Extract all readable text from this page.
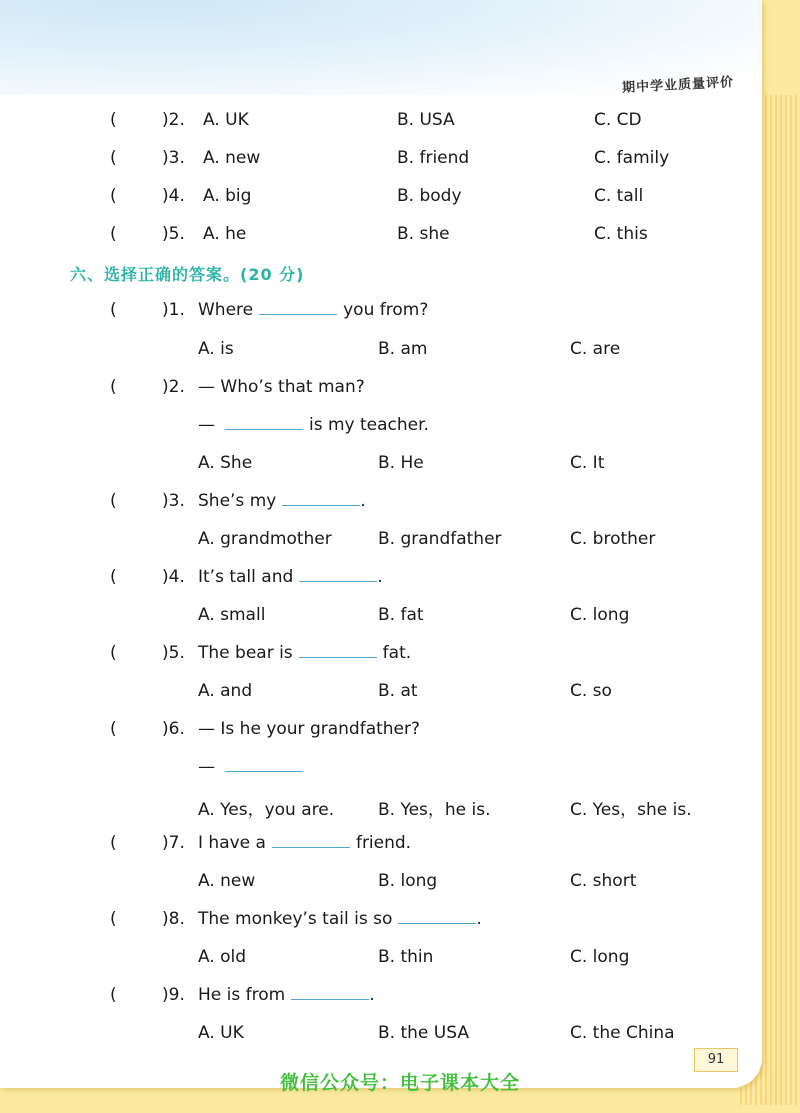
期中学业质量评价
(	)2. A. UK	B. USA	C. CD
(	)3. A. new	B. friend	C. family
(	)4. A. big	B. body	C. tall
(	)5. A. he	B. she	C. this
六、选择正确的答案。(20 分)
(	)1. Where	you from?
A. is	B. am	C. are
(	)2. — Who’s that man?
—	is my teacher.
A. She	B. He	C. It
(	)3. She’s my	.
A. grandmother	B. grandfather	C. brother
(	)4. It’s tall and	.
A. small	B. fat	C. long
(	)5. The bear is	fat.
A. and	B. at	C. so
(	)6. — Is he your grandfather?
—
A. Yes，you are.	B. Yes，he is.	C. Yes，she is.
(	)7. I have a	friend.
A. new	B. long	C. short
(	)8. The monkey’s tail is so	.
A. old	B. thin	C. long
(	)9. He is from	.
A. UK	B. the USA	C. the China
91
微信公众号：电子课本大全
